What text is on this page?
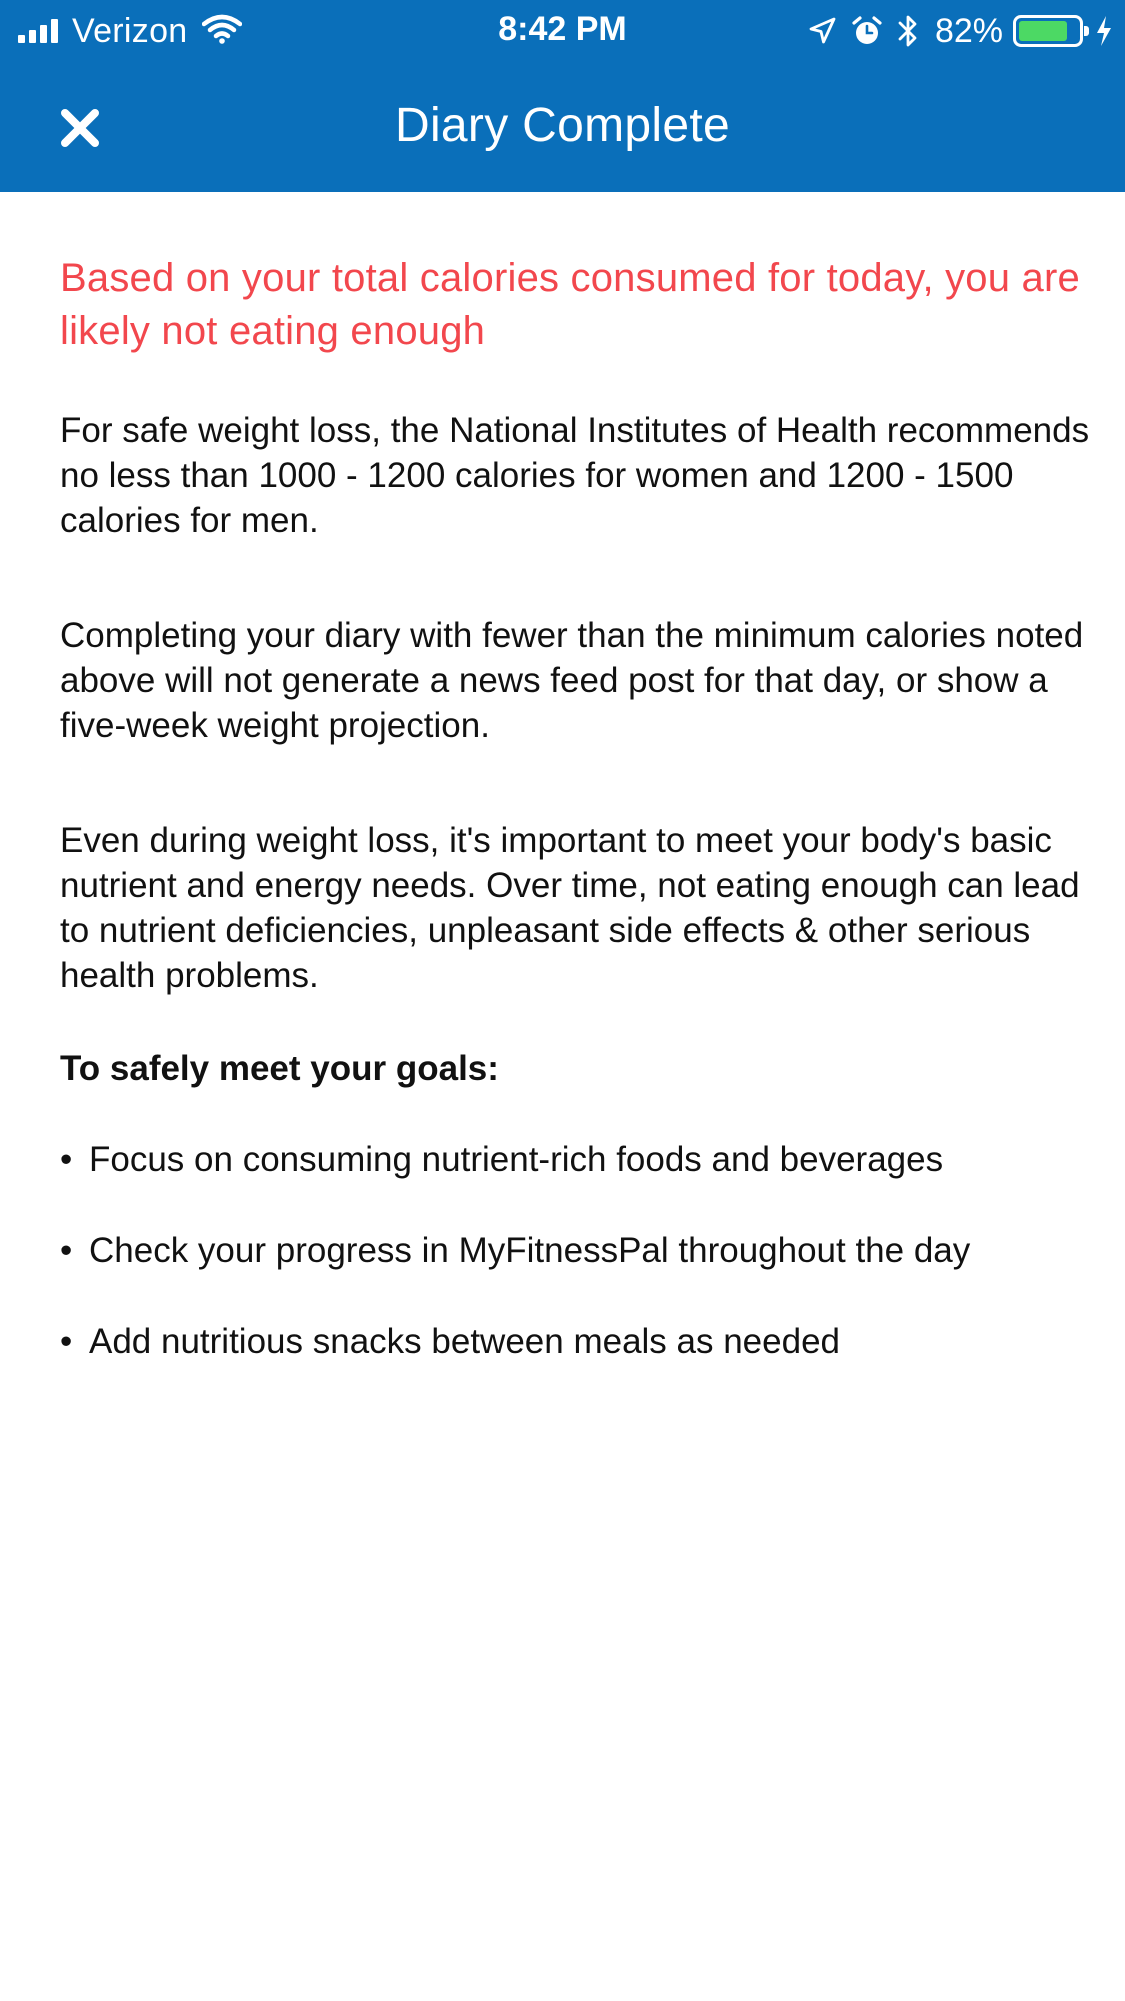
Verizon	8:42 PM	82%
Diary Complete
Based on your total calories consumed for today, you are likely not eating enough

For safe weight loss, the National Institutes of Health recommends no less than 1000 - 1200 calories for women and 1200 - 1500 calories for men.

Completing your diary with fewer than the minimum calories noted above will not generate a news feed post for that day, or show a five-week weight projection.

Even during weight loss, it's important to meet your body's basic nutrient and energy needs. Over time, not eating enough can lead to nutrient deficiencies, unpleasant side effects & other serious health problems.

To safely meet your goals:
• Focus on consuming nutrient-rich foods and beverages
• Check your progress in MyFitnessPal throughout the day
• Add nutritious snacks between meals as needed
